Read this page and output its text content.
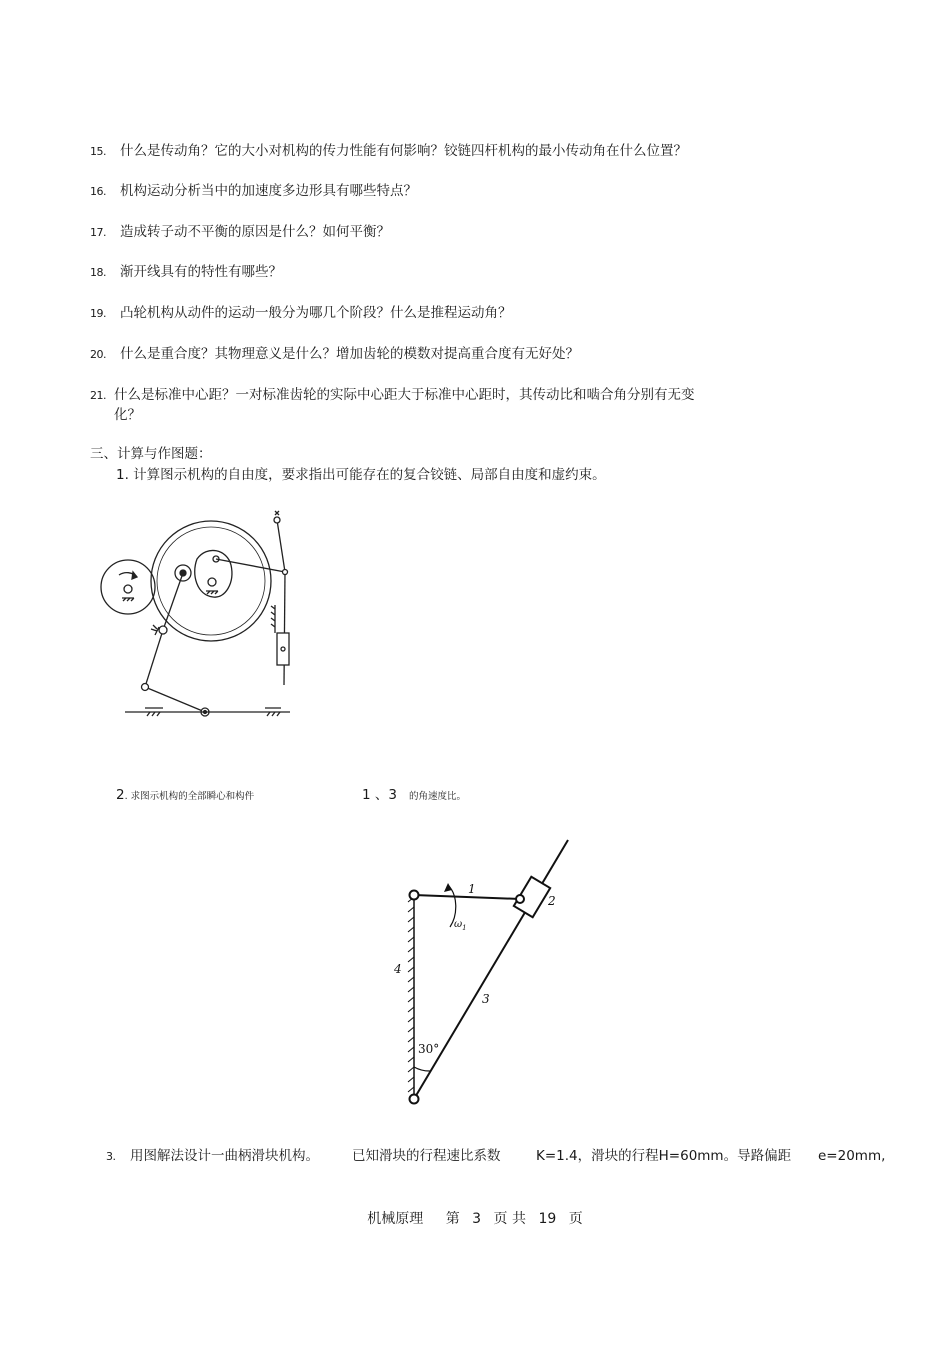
15. 什么是传动角？它的大小对机构的传力性能有何影响？铰链四杆机构的最小传动角在什么位置？
16. 机构运动分析当中的加速度多边形具有哪些特点？
17. 造成转子动不平衡的原因是什么？如何平衡？
18. 渐开线具有的特性有哪些？
19. 凸轮机构从动件的运动一般分为哪几个阶段？什么是推程运动角？
20. 什么是重合度？其物理意义是什么？增加齿轮的模数对提高重合度有无好处？
21. 什么是标准中心距？一对标准齿轮的实际中心距大于标准中心距时，其传动比和啮合角分别有无变
化？
三、计算与作图题：
1. 计算图示机构的自由度，要求指出可能存在的复合铰链、局部自由度和虚约束。
2. 求图示机构的全部瞬心和构件	1 、3 的角速度比。
1
2
3
4
$\omega_1$
30°
3. 用图解法设计一曲柄滑块机构。 已知滑块的行程速比系数	K=1.4，滑块的行程H=60mm。导路偏距 e=20mm,
机械原理 第 3 页 共 19 页
